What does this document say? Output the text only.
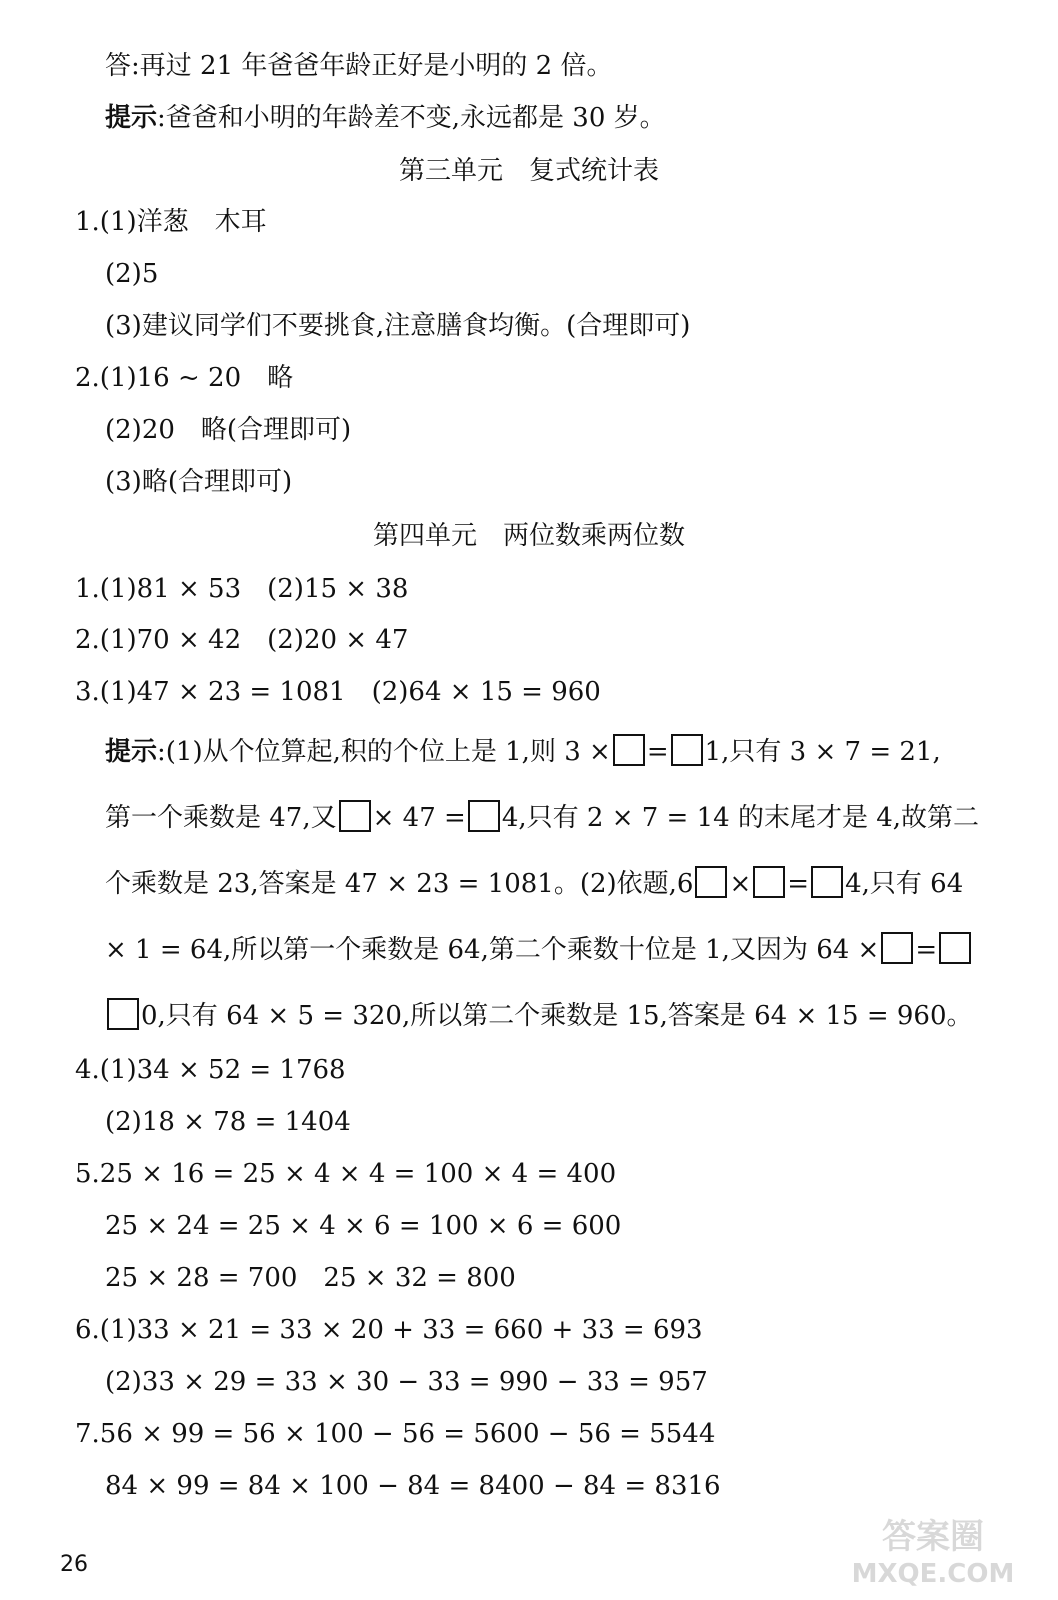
答:再过 21 年爸爸年龄正好是小明的 2 倍。
提示:爸爸和小明的年龄差不变,永远都是 30 岁。
第三单元　复式统计表
1.(1)洋葱　木耳
(2)5
(3)建议同学们不要挑食,注意膳食均衡。(合理即可)
2.(1)16 ~ 20　略
(2)20　略(合理即可)
(3)略(合理即可)
第四单元　两位数乘两位数
1.(1)81 × 53　(2)15 × 38
2.(1)70 × 42　(2)20 × 47
3.(1)47 × 23 = 1081　(2)64 × 15 = 960
提示:(1)从个位算起,积的个位上是 1,则 3 × = 1,只有 3 × 7 = 21,
第一个乘数是 47,又 × 47 = 4,只有 2 × 7 = 14 的末尾才是 4,故第二
个乘数是 23,答案是 47 × 23 = 1081。(2)依题,6 × = 4,只有 64
× 1 = 64,所以第一个乘数是 64,第二个乘数十位是 1,又因为 64 × =
0,只有 64 × 5 = 320,所以第二个乘数是 15,答案是 64 × 15 = 960。
4.(1)34 × 52 = 1768
(2)18 × 78 = 1404
5.25 × 16 = 25 × 4 × 4 = 100 × 4 = 400
25 × 24 = 25 × 4 × 6 = 100 × 6 = 600
25 × 28 = 700　25 × 32 = 800
6.(1)33 × 21 = 33 × 20 + 33 = 660 + 33 = 693
(2)33 × 29 = 33 × 30 − 33 = 990 − 33 = 957
7.56 × 99 = 56 × 100 − 56 = 5600 − 56 = 5544
84 × 99 = 84 × 100 − 84 = 8400 − 84 = 8316
26
答案圈
MXQE.COM
